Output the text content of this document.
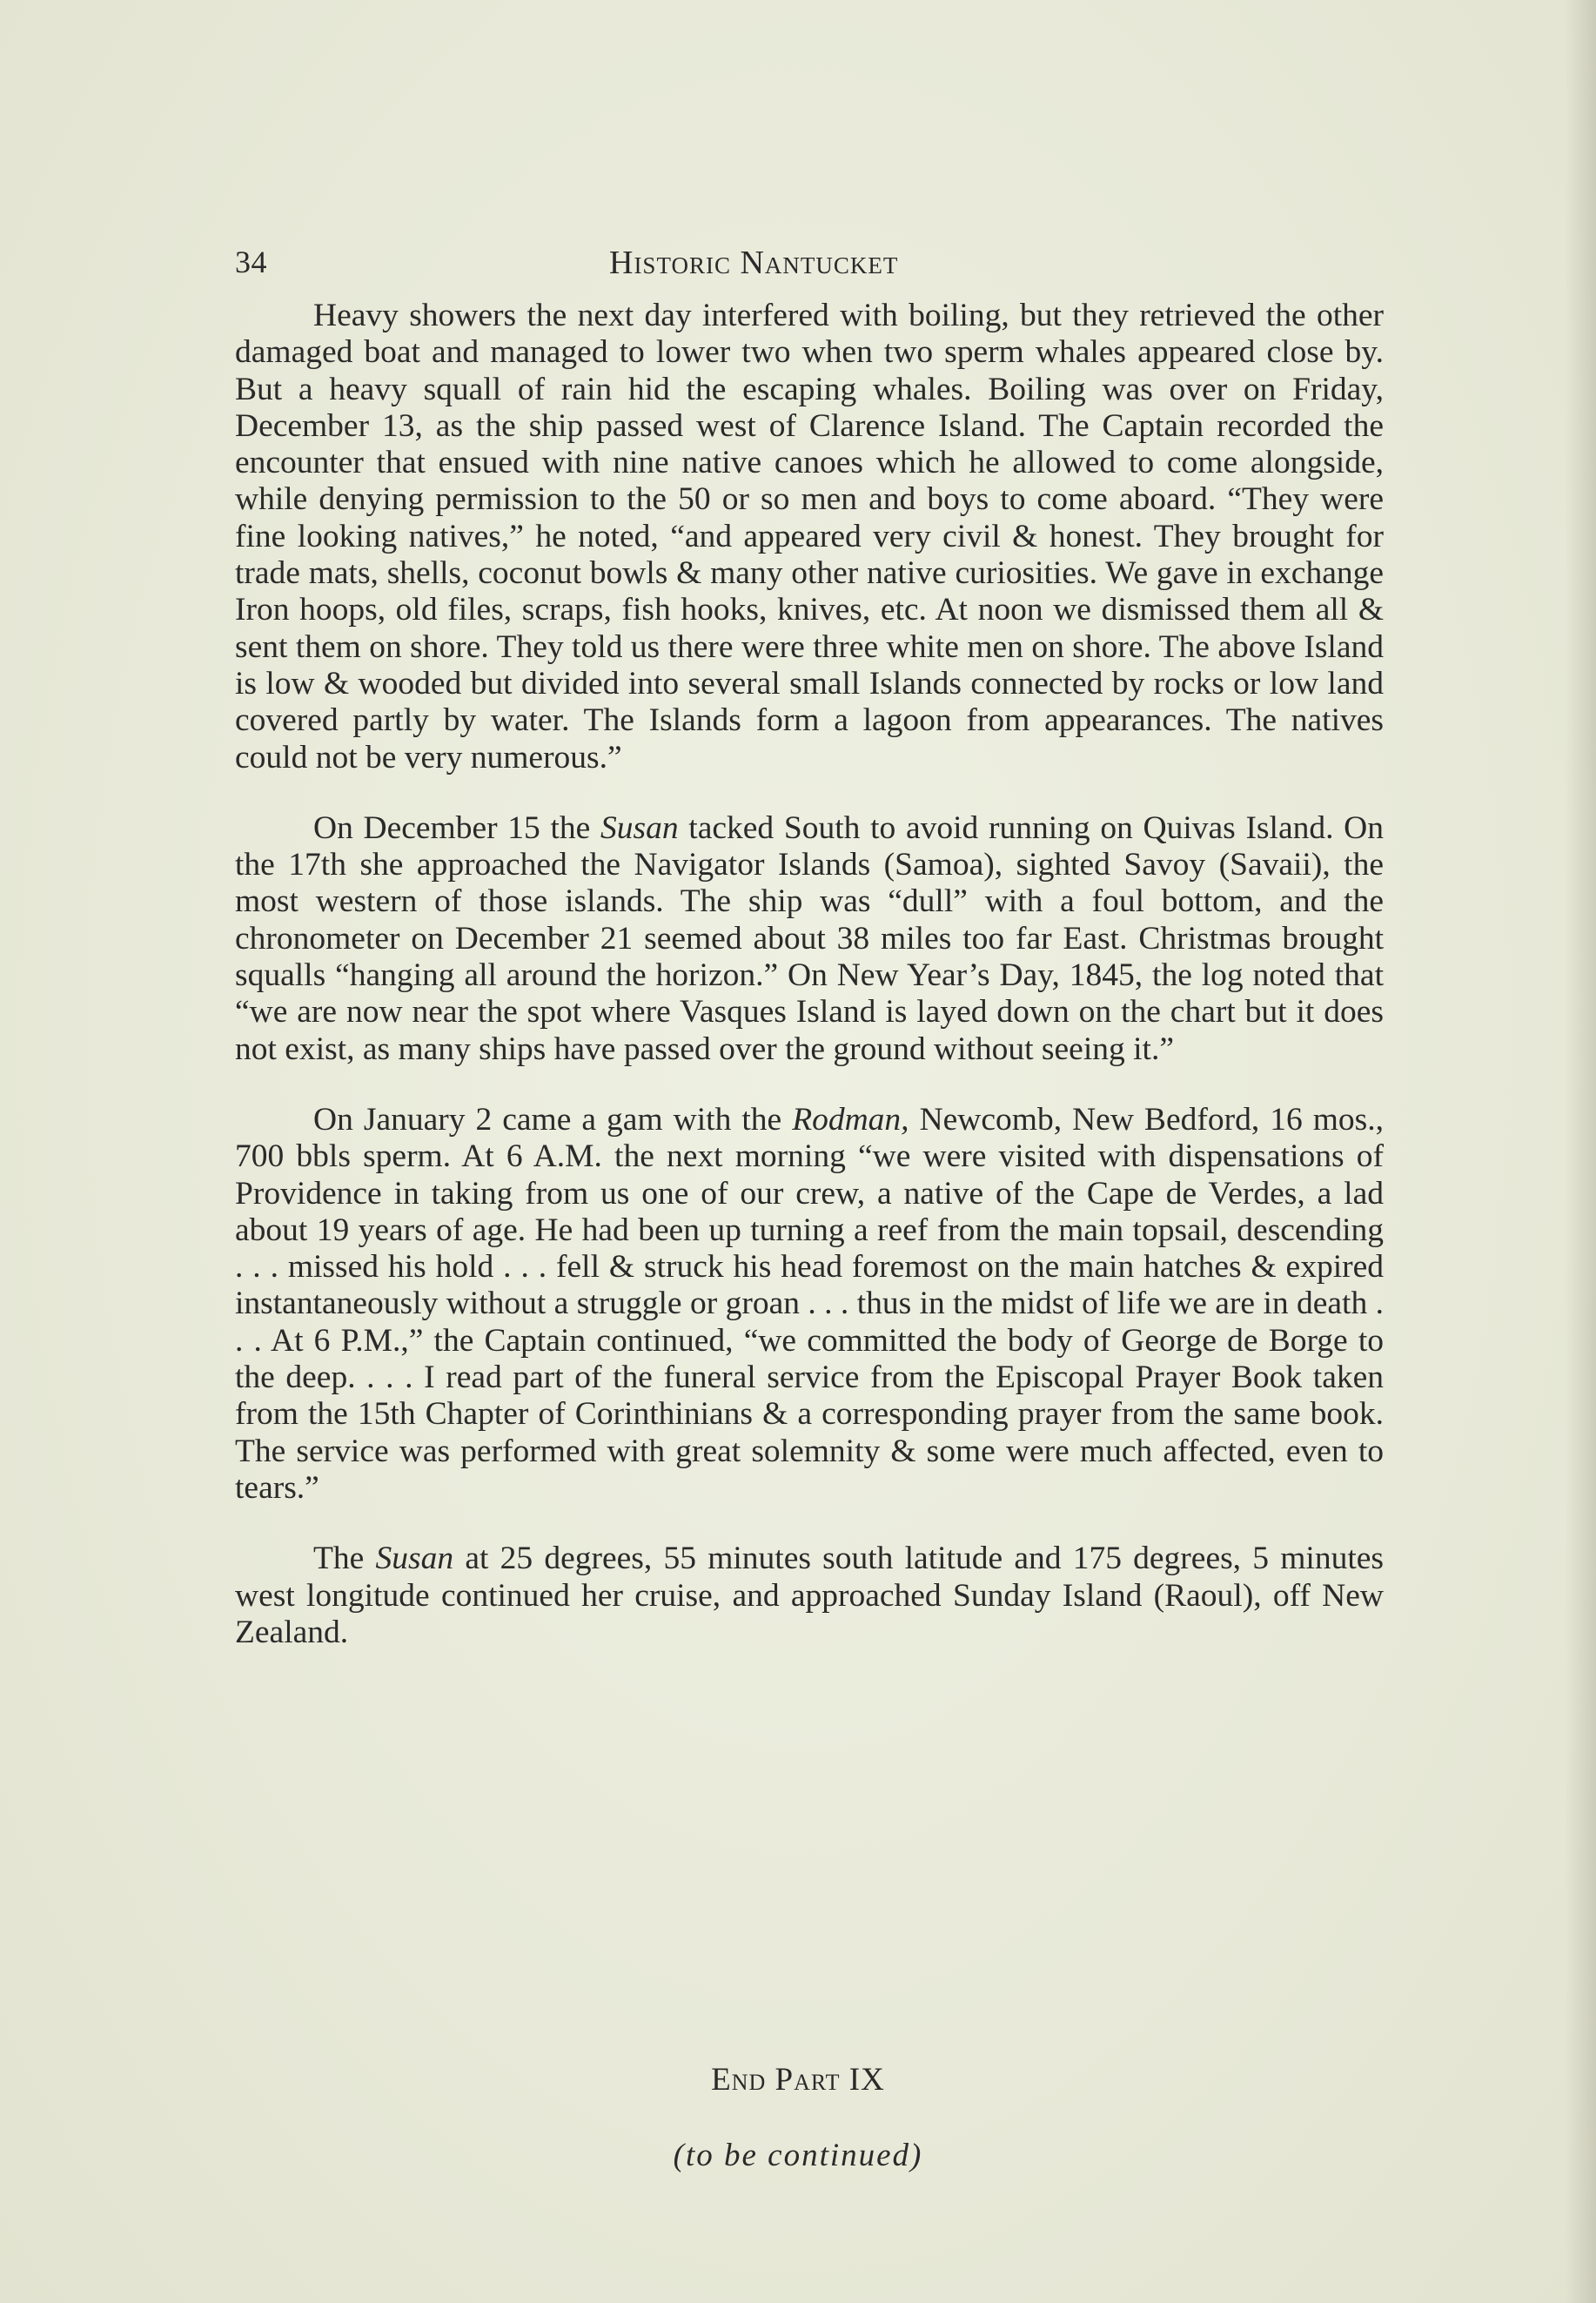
34	Historic Nantucket

Heavy showers the next day interfered with boiling, but they retrieved the other damaged boat and managed to lower two when two sperm whales appeared close by. But a heavy squall of rain hid the escaping whales. Boiling was over on Friday, December 13, as the ship passed west of Clarence Island. The Captain recorded the encounter that ensued with nine native canoes which he allowed to come alongside, while denying permission to the 50 or so men and boys to come aboard. “They were fine looking natives,” he noted, “and appeared very civil & honest. They brought for trade mats, shells, coconut bowls & many other native curiosities. We gave in exchange Iron hoops, old files, scraps, fish hooks, knives, etc. At noon we dismissed them all & sent them on shore. They told us there were three white men on shore. The above Island is low & wooded but divided into several small Islands connected by rocks or low land covered partly by water. The Islands form a lagoon from appearances. The natives could not be very numerous.”

On December 15 the Susan tacked South to avoid running on Quivas Island. On the 17th she approached the Navigator Islands (Samoa), sighted Savoy (Savaii), the most western of those islands. The ship was “dull” with a foul bottom, and the chronometer on December 21 seemed about 38 miles too far East. Christmas brought squalls “hanging all around the horizon.” On New Year’s Day, 1845, the log noted that “we are now near the spot where Vasques Island is layed down on the chart but it does not exist, as many ships have passed over the ground without seeing it.”

On January 2 came a gam with the Rodman, Newcomb, New Bedford, 16 mos., 700 bbls sperm. At 6 A.M. the next morning “we were visited with dispensations of Providence in taking from us one of our crew, a native of the Cape de Verdes, a lad about 19 years of age. He had been up turning a reef from the main topsail, descending . . . missed his hold . . . fell & struck his head foremost on the main hatches & expired instantaneously without a struggle or groan . . . thus in the midst of life we are in death . . . At 6 P.M.,” the Captain continued, “we committed the body of George de Borge to the deep. . . . I read part of the funeral service from the Episcopal Prayer Book taken from the 15th Chapter of Corinthinians & a corresponding prayer from the same book. The service was performed with great solemnity & some were much affected, even to tears.”

The Susan at 25 degrees, 55 minutes south latitude and 175 degrees, 5 minutes west longitude continued her cruise, and approached Sunday Island (Raoul), off New Zealand.

End Part IX
(to be continued)
